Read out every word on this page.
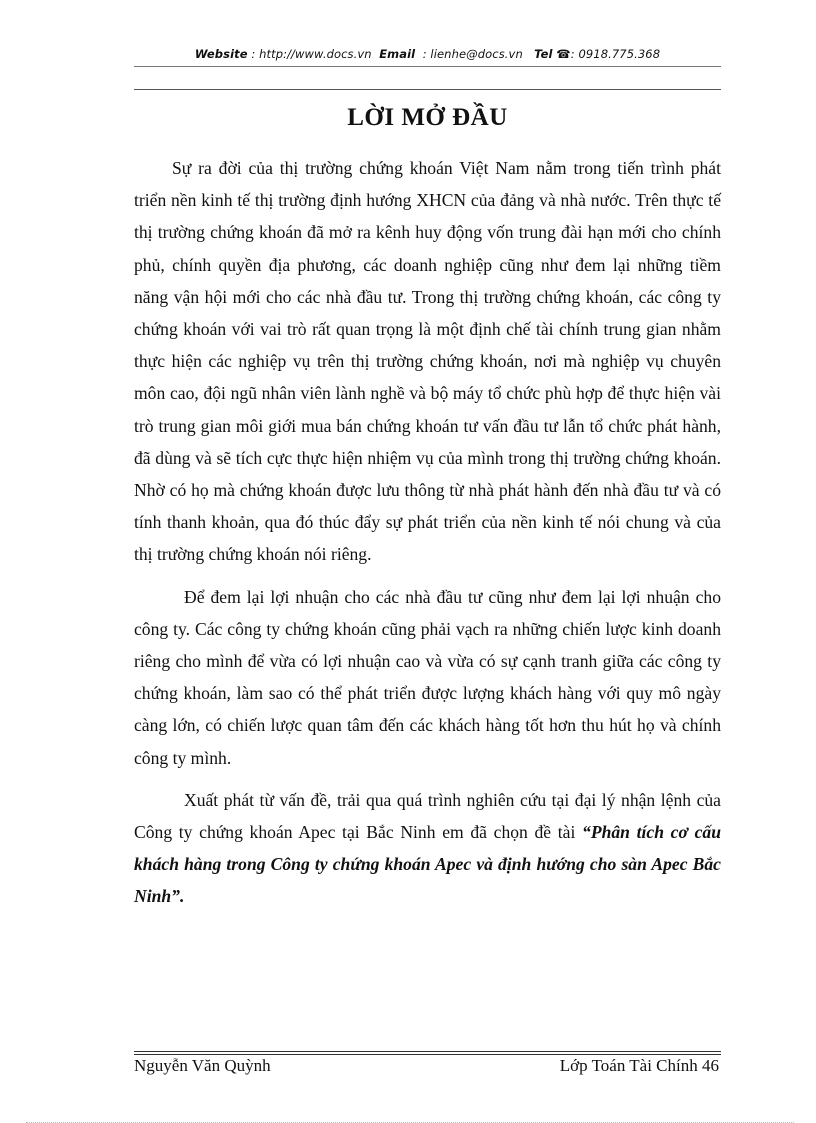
Website : http://www.docs.vn Email : lienhe@docs.vn Tel ☎: 0918.775.368
LỜI MỞ ĐẦU

Sự ra đời của thị trường chứng khoán Việt Nam nằm trong tiến trình phát triển nền kinh tế thị trường định hướng XHCN của đảng và nhà nước. Trên thực tế thị trường chứng khoán đã mở ra kênh huy động vốn trung đài hạn mới cho chính phủ, chính quyền địa phương, các doanh nghiệp cũng như đem lại những tiềm năng vận hội mới cho các nhà đầu tư. Trong thị trường chứng khoán, các công ty chứng khoán với vai trò rất quan trọng là một định chế tài chính trung gian nhằm thực hiện các nghiệp vụ trên thị trường chứng khoán, nơi mà nghiệp vụ chuyên môn cao, đội ngũ nhân viên lành nghề và bộ máy tổ chức phù hợp để thực hiện vài trò trung gian môi giới mua bán chứng khoán tư vấn đầu tư lẫn tổ chức phát hành, đã dùng và sẽ tích cực thực hiện nhiệm vụ của mình trong thị trường chứng khoán. Nhờ có họ mà chứng khoán được lưu thông từ nhà phát hành đến nhà đầu tư và có tính thanh khoản, qua đó thúc đẩy sự phát triển của nền kinh tế nói chung và của thị trường chứng khoán nói riêng.

Để đem lại lợi nhuận cho các nhà đầu tư cũng như đem lại lợi nhuận cho công ty. Các công ty chứng khoán cũng phải vạch ra những chiến lược kinh doanh riêng cho mình để vừa có lợi nhuận cao và vừa có sự cạnh tranh giữa các công ty chứng khoán, làm sao có thể phát triển được lượng khách hàng với quy mô ngày càng lớn, có chiến lược quan tâm đến các khách hàng tốt hơn thu hút họ và chính công ty mình.

Xuất phát từ vấn đề, trải qua quá trình nghiên cứu tại đại lý nhận lệnh của Công ty chứng khoán Apec tại Bắc Ninh em đã chọn đề tài “Phân tích cơ cấu khách hàng trong Công ty chứng khoán Apec và định hướng cho sàn Apec Bắc Ninh”.

Nguyễn Văn Quỳnh	Lớp Toán Tài Chính 46
